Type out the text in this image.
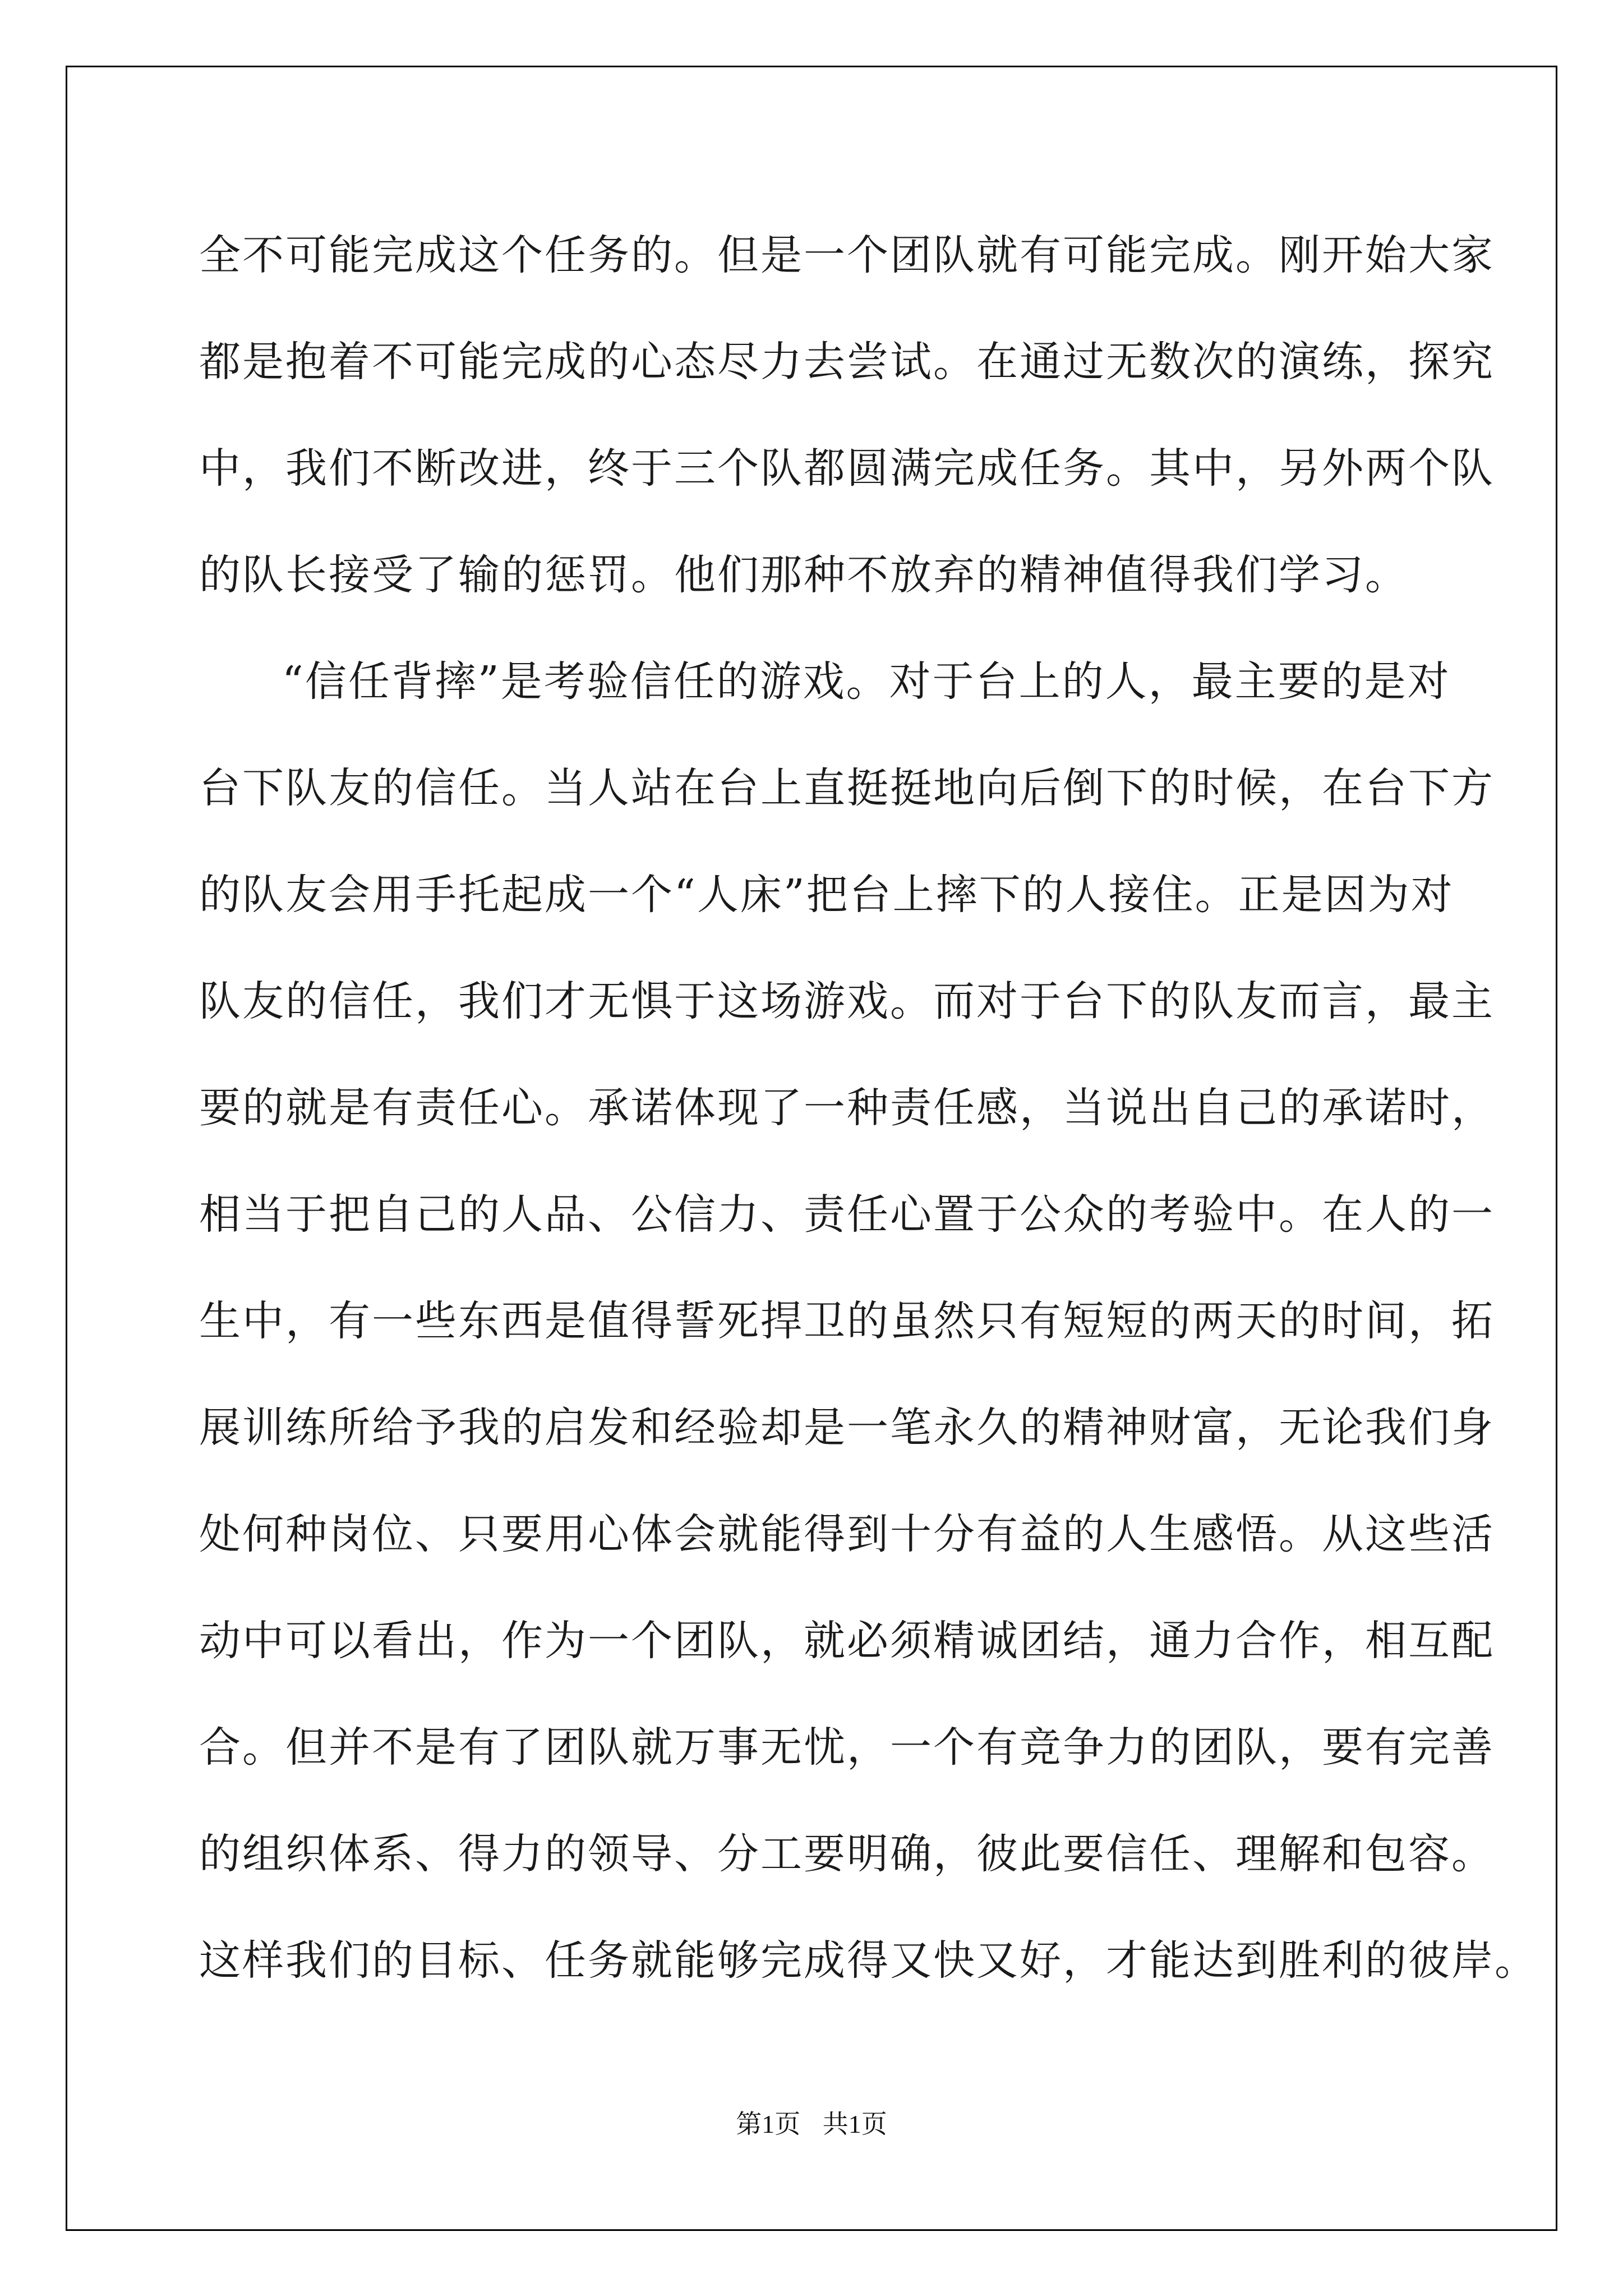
全不可能完成这个任务的。但是一个团队就有可能完成。刚开始大家
都是抱着不可能完成的心态尽力去尝试。在通过无数次的演练，探究
中，我们不断改进，终于三个队都圆满完成任务。其中，另外两个队
的队长接受了输的惩罚。他们那种不放弃的精神值得我们学习。
“信任背摔”是考验信任的游戏。对于台上的人，最主要的是对
台下队友的信任。当人站在台上直挺挺地向后倒下的时候，在台下方
的队友会用手托起成一个“人床”把台上摔下的人接住。正是因为对
队友的信任，我们才无惧于这场游戏。而对于台下的队友而言，最主
要的就是有责任心。承诺体现了一种责任感，当说出自己的承诺时，
相当于把自己的人品、公信力、责任心置于公众的考验中。在人的一
生中，有一些东西是值得誓死捍卫的虽然只有短短的两天的时间，拓
展训练所给予我的启发和经验却是一笔永久的精神财富，无论我们身
处何种岗位、只要用心体会就能得到十分有益的人生感悟。从这些活
动中可以看出，作为一个团队，就必须精诚团结，通力合作，相互配
合。但并不是有了团队就万事无忧，一个有竞争力的团队，要有完善
的组织体系、得力的领导、分工要明确，彼此要信任、理解和包容。
这样我们的目标、任务就能够完成得又快又好，才能达到胜利的彼岸。
第1页 共1页
